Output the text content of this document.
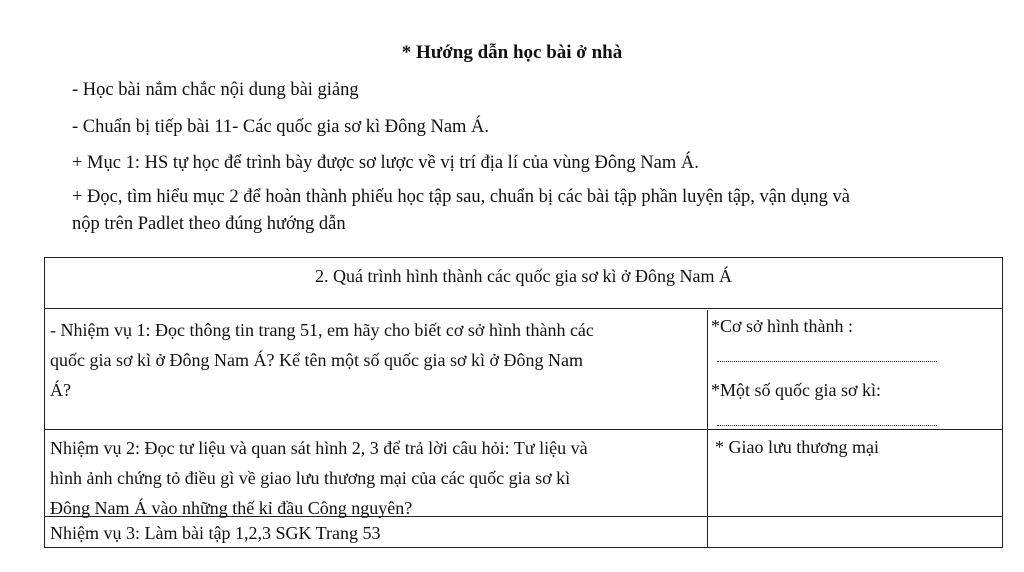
* Hướng dẫn học bài ở nhà
- Học bài nắm chắc nội dung bài giảng
- Chuẩn bị tiếp bài 11- Các quốc gia sơ kì Đông Nam Á.
+ Mục 1: HS tự học để trình bày được sơ lược về vị trí địa lí của vùng Đông Nam Á.
+ Đọc, tìm hiểu mục 2 để hoàn thành phiếu học tập sau, chuẩn bị các bài tập phần luyện tập, vận dụng và
nộp trên Padlet theo đúng hướng dẫn
2. Quá trình hình thành các quốc gia sơ kì ở Đông Nam Á
- Nhiệm vụ 1: Đọc thông tin trang 51, em hãy cho biết cơ sở hình thành các
quốc gia sơ kì ở Đông Nam Á? Kể tên một số quốc gia sơ kì ở Đông Nam
Á?
*Cơ sở hình thành :
*Một số quốc gia sơ kì:
Nhiệm vụ 2: Đọc tư liệu và quan sát hình 2, 3 để trả lời câu hỏi: Tư liệu và
hình ảnh chứng tỏ điều gì về giao lưu thương mại của các quốc gia sơ kì
Đông Nam Á vào những thế kỉ đầu Công nguyên?
* Giao lưu thương mại
Nhiệm vụ 3: Làm bài tập 1,2,3 SGK Trang 53
